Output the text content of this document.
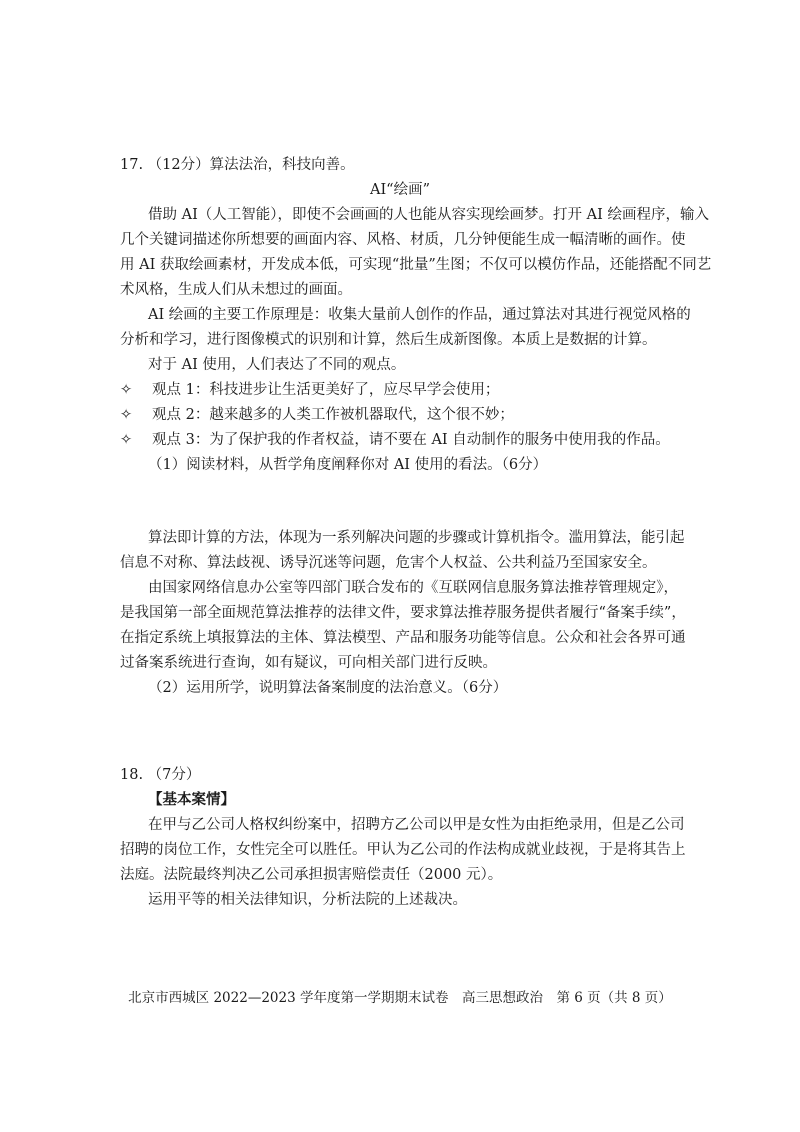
17. （12分）算法法治，科技向善。
AI“绘画”
借助 AI（人工智能），即使不会画画的人也能从容实现绘画梦。打开 AI 绘画程序，输入
几个关键词描述你所想要的画面内容、风格、材质，几分钟便能生成一幅清晰的画作。使
用 AI 获取绘画素材，开发成本低，可实现“批量”生图；不仅可以模仿作品，还能搭配不同艺
术风格，生成人们从未想过的画面。
AI 绘画的主要工作原理是：收集大量前人创作的作品，通过算法对其进行视觉风格的
分析和学习，进行图像模式的识别和计算，然后生成新图像。本质上是数据的计算。
对于 AI 使用，人们表达了不同的观点。
✧ 观点 1：科技进步让生活更美好了，应尽早学会使用；
✧ 观点 2：越来越多的人类工作被机器取代，这个很不妙；
✧ 观点 3：为了保护我的作者权益，请不要在 AI 自动制作的服务中使用我的作品。
（1）阅读材料，从哲学角度阐释你对 AI 使用的看法。（6分）
算法即计算的方法，体现为一系列解决问题的步骤或计算机指令。滥用算法，能引起
信息不对称、算法歧视、诱导沉迷等问题，危害个人权益、公共利益乃至国家安全。
由国家网络信息办公室等四部门联合发布的《互联网信息服务算法推荐管理规定》，
是我国第一部全面规范算法推荐的法律文件，要求算法推荐服务提供者履行“备案手续”，
在指定系统上填报算法的主体、算法模型、产品和服务功能等信息。公众和社会各界可通
过备案系统进行查询，如有疑议，可向相关部门进行反映。
（2）运用所学，说明算法备案制度的法治意义。（6分）
18. （7分）
【基本案情】
在甲与乙公司人格权纠纷案中，招聘方乙公司以甲是女性为由拒绝录用，但是乙公司
招聘的岗位工作，女性完全可以胜任。甲认为乙公司的作法构成就业歧视，于是将其告上
法庭。法院最终判决乙公司承担损害赔偿责任（2000 元）。
运用平等的相关法律知识，分析法院的上述裁决。
北京市西城区 2022—2023 学年度第一学期期末试卷　高三思想政治　第 6 页（共 8 页）
